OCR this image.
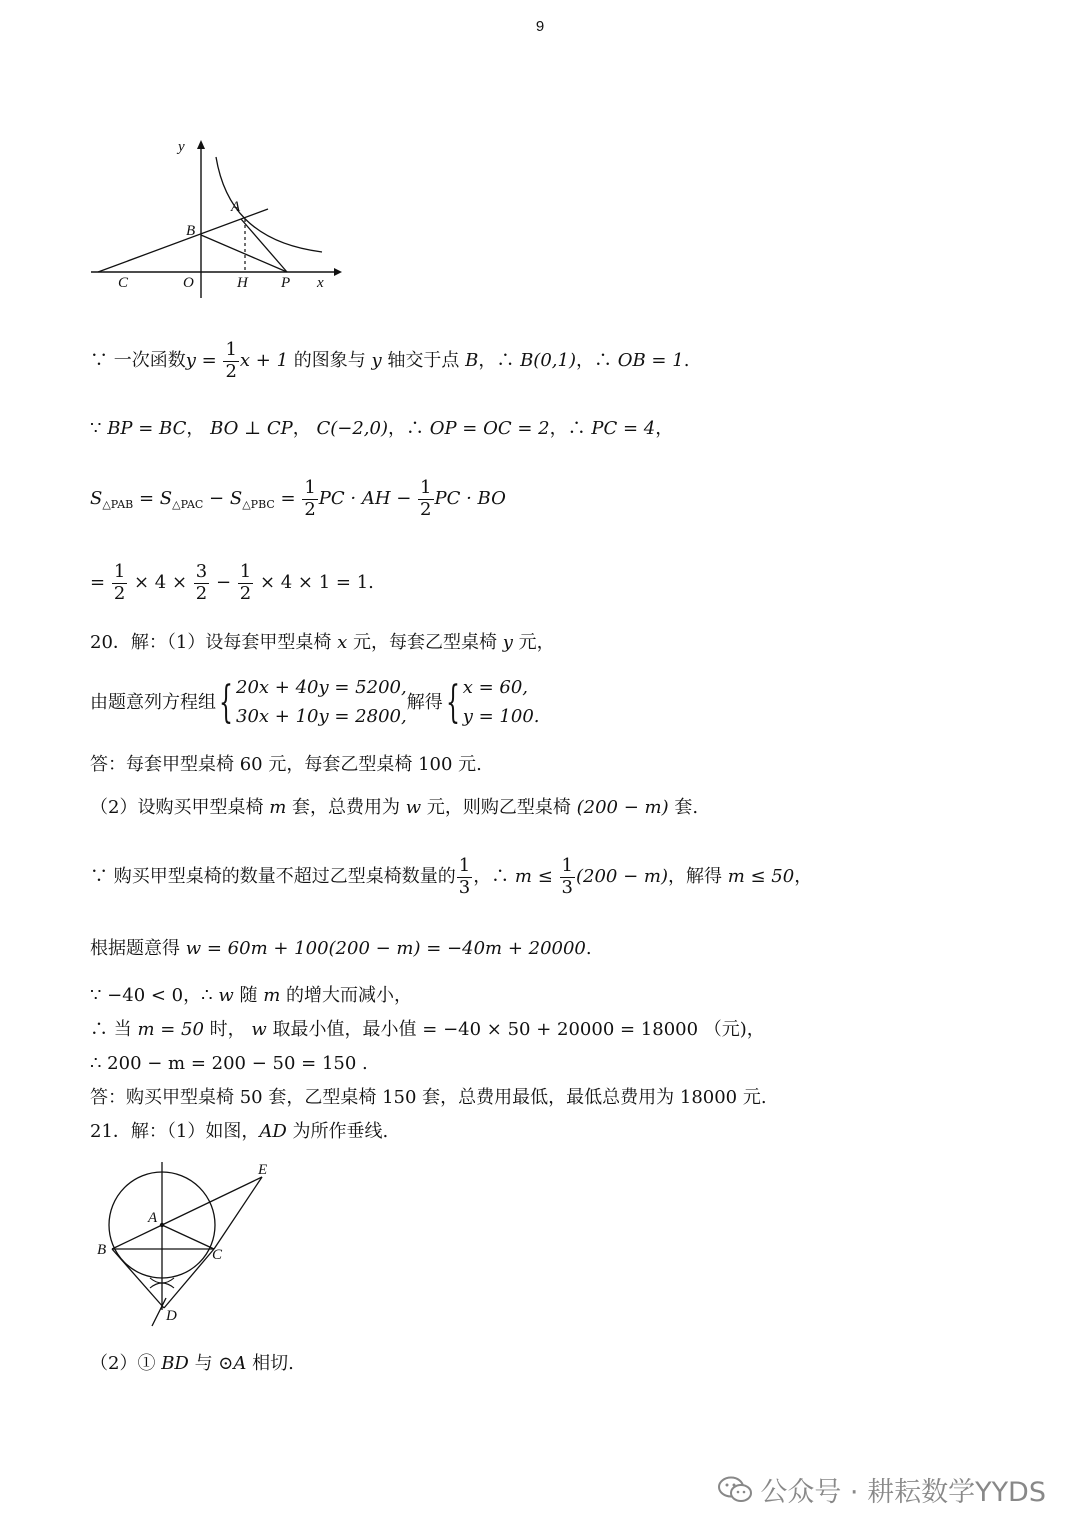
9
y
A
B
C	O	H P x
∵ 一次函数$y = \frac{1}{2}$ x + 1 的图象与 y 轴交于点 B，∴ B(0,1)，∴ OB = 1.
∵ BP = BC， BO ⊥ CP， C(−2,0)，∴ OP = OC = 2，∴ PC = 4，
$S_{\triangle PAB} = S_{\triangle PAC} - S_{\triangle PBC} = \frac{1}{2}$ PC · AH − $\frac{1}{2}$ PC · BO
= $\frac{1}{2} \times 4 \times \frac{3}{2} - \frac{1}{2} \times 4 \times 1 = 1$.
20．解：（1）设每套甲型桌椅 x 元，每套乙型桌椅 y 元，
由题意列方程组{ 20x + 40y = 5200,
30x + 10y = 2800,
解得{ x = 60,
y = 100.
答：每套甲型桌椅 60 元，每套乙型桌椅 100 元.
（2）设购买甲型桌椅 m 套，总费用为 w 元，则购乙型桌椅 (200 − m) 套.
∵ 购买甲型桌椅的数量不超过乙型桌椅数量的 $\frac{1}{3}$ ，∴ $m \le \frac{1}{3} (200 - m)$，解得 m ≤ 50，
根据题意得 w = 60m + 100(200 − m) = −40m + 20000.
∵ −40 < 0，∴ w 随 m 的增大而减小，
∴ 当 m = 50 时， w 取最小值，最小值 = −40 × 50 + 20000 = 18000 （元)，
∴ 200 − m = 200 − 50 = 150 .
答：购买甲型桌椅 50 套，乙型桌椅 150 套，总费用最低，最低总费用为 18000 元.
21．解：（1）如图，AD 为所作垂线.
E
A
B	C
D
（2）① BD 与 ⊙A 相切.
公众号 · 耕耘数学YYDS
